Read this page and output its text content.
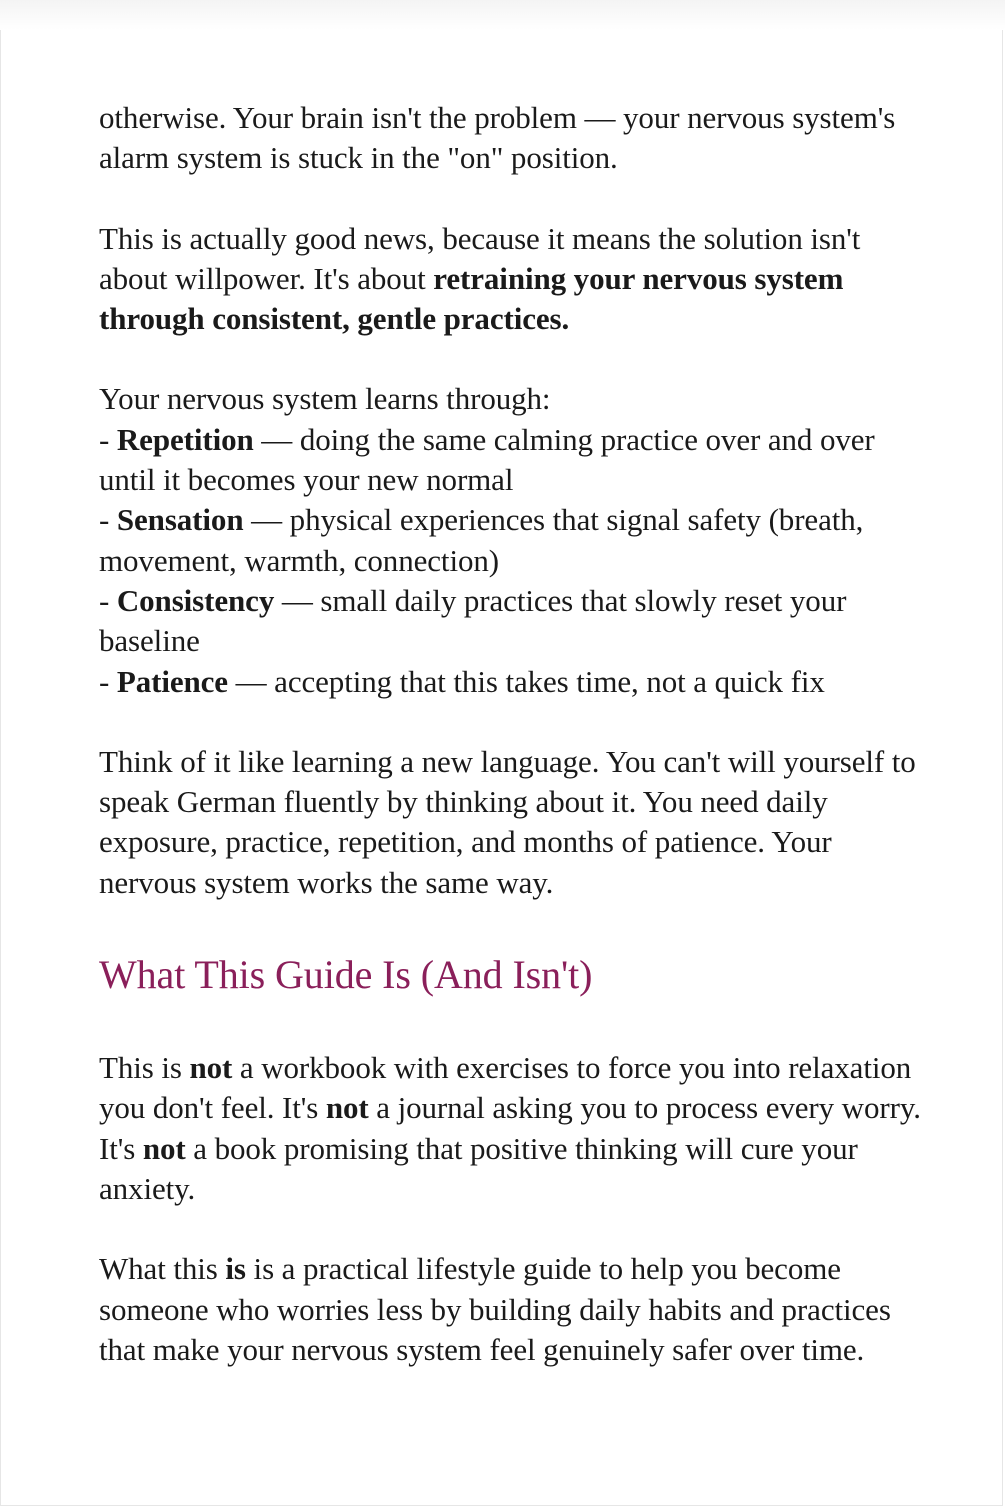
otherwise. Your brain isn't the problem — your nervous system's alarm system is stuck in the "on" position.

This is actually good news, because it means the solution isn't about willpower. It's about retraining your nervous system through consistent, gentle practices.

Your nervous system learns through:

- Repetition — doing the same calming practice over and over until it becomes your new normal

- Sensation — physical experiences that signal safety (breath, movement, warmth, connection)

- Consistency — small daily practices that slowly reset your baseline

- Patience — accepting that this takes time, not a quick fix

Think of it like learning a new language. You can't will yourself to speak German fluently by thinking about it. You need daily exposure, practice, repetition, and months of patience. Your nervous system works the same way.

What This Guide Is (And Isn't)

This is not a workbook with exercises to force you into relaxation you don't feel. It's not a journal asking you to process every worry. It's not a book promising that positive thinking will cure your anxiety.

What this is is a practical lifestyle guide to help you become someone who worries less by building daily habits and practices that make your nervous system feel genuinely safer over time.
